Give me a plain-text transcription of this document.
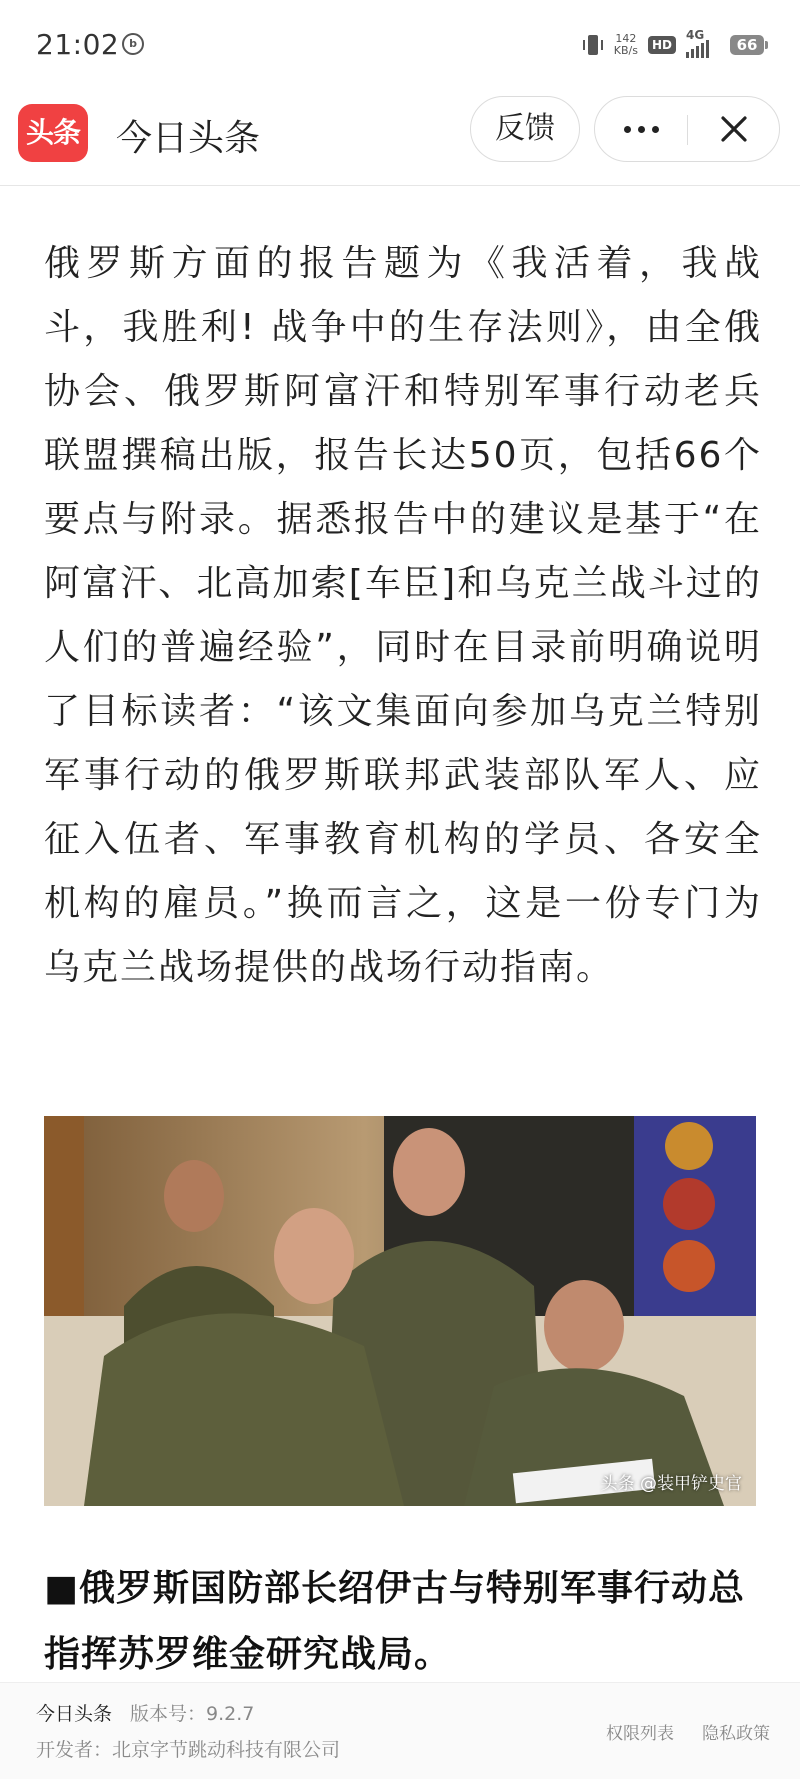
21:02 b	142
KB/s	HD
4G
66
头条 今日头条	反馈
俄罗斯方面的报告题为《我活着，我战斗，我胜利! 战争中的生存法则》，由全俄协会、俄罗斯阿富汗和特别军事行动老兵联盟撰稿出版，报告长达50页，包括66个要点与附录。据悉报告中的建议是基于“在阿富汗、北高加索[车臣]和乌克兰战斗过的人们的普遍经验”，同时在目录前明确说明了目标读者：“该文集面向参加乌克兰特别军事行动的俄罗斯联邦武装部队军人、应征入伍者、军事教育机构的学员、各安全机构的雇员。”换而言之，这是一份专门为乌克兰战场提供的战场行动指南。
头条 @装甲铲史官
■俄罗斯国防部长绍伊古与特别军事行动总指挥苏罗维金研究战局。
今日头条 版本号：9.2.7
开发者：北京字节跳动科技有限公司
权限列表 隐私政策
